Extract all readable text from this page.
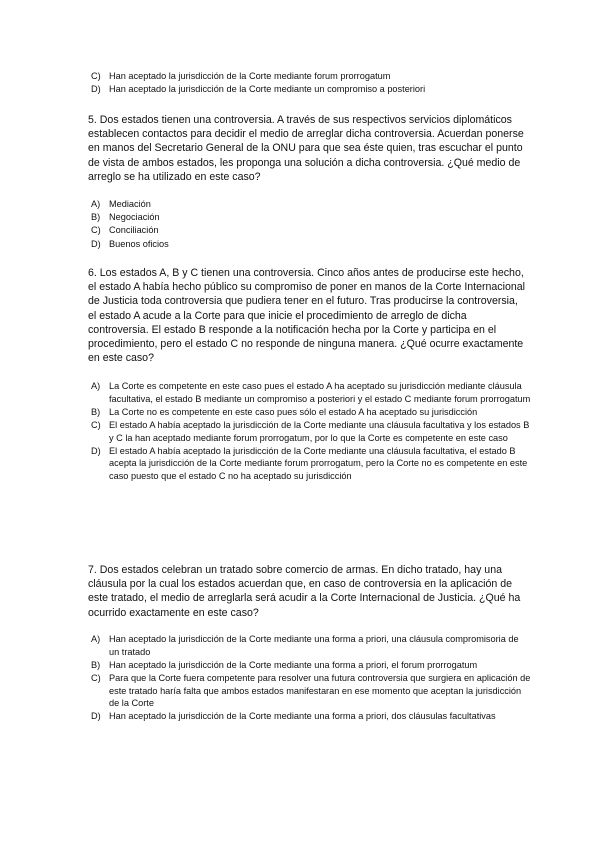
C) Han aceptado la jurisdicción de la Corte mediante forum prorrogatum
D) Han aceptado la jurisdicción de la Corte mediante un compromiso a posteriori

5. Dos estados tienen una controversia. A través de sus respectivos servicios diplomáticos establecen contactos para decidir el medio de arreglar dicha controversia. Acuerdan ponerse en manos del Secretario General de la ONU para que sea éste quien, tras escuchar el punto de vista de ambos estados, les proponga una solución a dicha controversia. ¿Qué medio de arreglo se ha utilizado en este caso?

A) Mediación
B) Negociación
C) Conciliación
D) Buenos oficios

6. Los estados A, B y C tienen una controversia. Cinco años antes de producirse este hecho, el estado A había hecho público su compromiso de poner en manos de la Corte Internacional de Justicia toda controversia que pudiera tener en el futuro. Tras producirse la controversia, el estado A acude a la Corte para que inicie el procedimiento de arreglo de dicha controversia. El estado B responde a la notificación hecha por la Corte y participa en el procedimiento, pero el estado C no responde de ninguna manera. ¿Qué ocurre exactamente en este caso?

A) La Corte es competente en este caso pues el estado A ha aceptado su jurisdicción mediante cláusula facultativa, el estado B mediante un compromiso a posteriori y el estado C mediante forum prorrogatum
B) La Corte no es competente en este caso pues sólo el estado A ha aceptado su jurisdicción
C) El estado A había aceptado la jurisdicción de la Corte mediante una cláusula facultativa y los estados B y C la han aceptado mediante forum prorrogatum, por lo que la Corte es competente en este caso
D) El estado A había aceptado la jurisdicción de la Corte mediante una cláusula facultativa, el estado B acepta la jurisdicción de la Corte mediante forum prorrogatum, pero la Corte no es competente en este caso puesto que el estado C no ha aceptado su jurisdicción

7. Dos estados celebran un tratado sobre comercio de armas. En dicho tratado, hay una cláusula por la cual los estados acuerdan que, en caso de controversia en la aplicación de este tratado, el medio de arreglarla será acudir a la Corte Internacional de Justicia. ¿Qué ha ocurrido exactamente en este caso?

A) Han aceptado la jurisdicción de la Corte mediante una forma a priori, una cláusula compromisoria de un tratado
B) Han aceptado la jurisdicción de la Corte mediante una forma a priori, el forum prorrogatum
C) Para que la Corte fuera competente para resolver una futura controversia que surgiera en aplicación de este tratado haría falta que ambos estados manifestaran en ese momento que aceptan la jurisdicción de la Corte
D) Han aceptado la jurisdicción de la Corte mediante una forma a priori, dos cláusulas facultativas
